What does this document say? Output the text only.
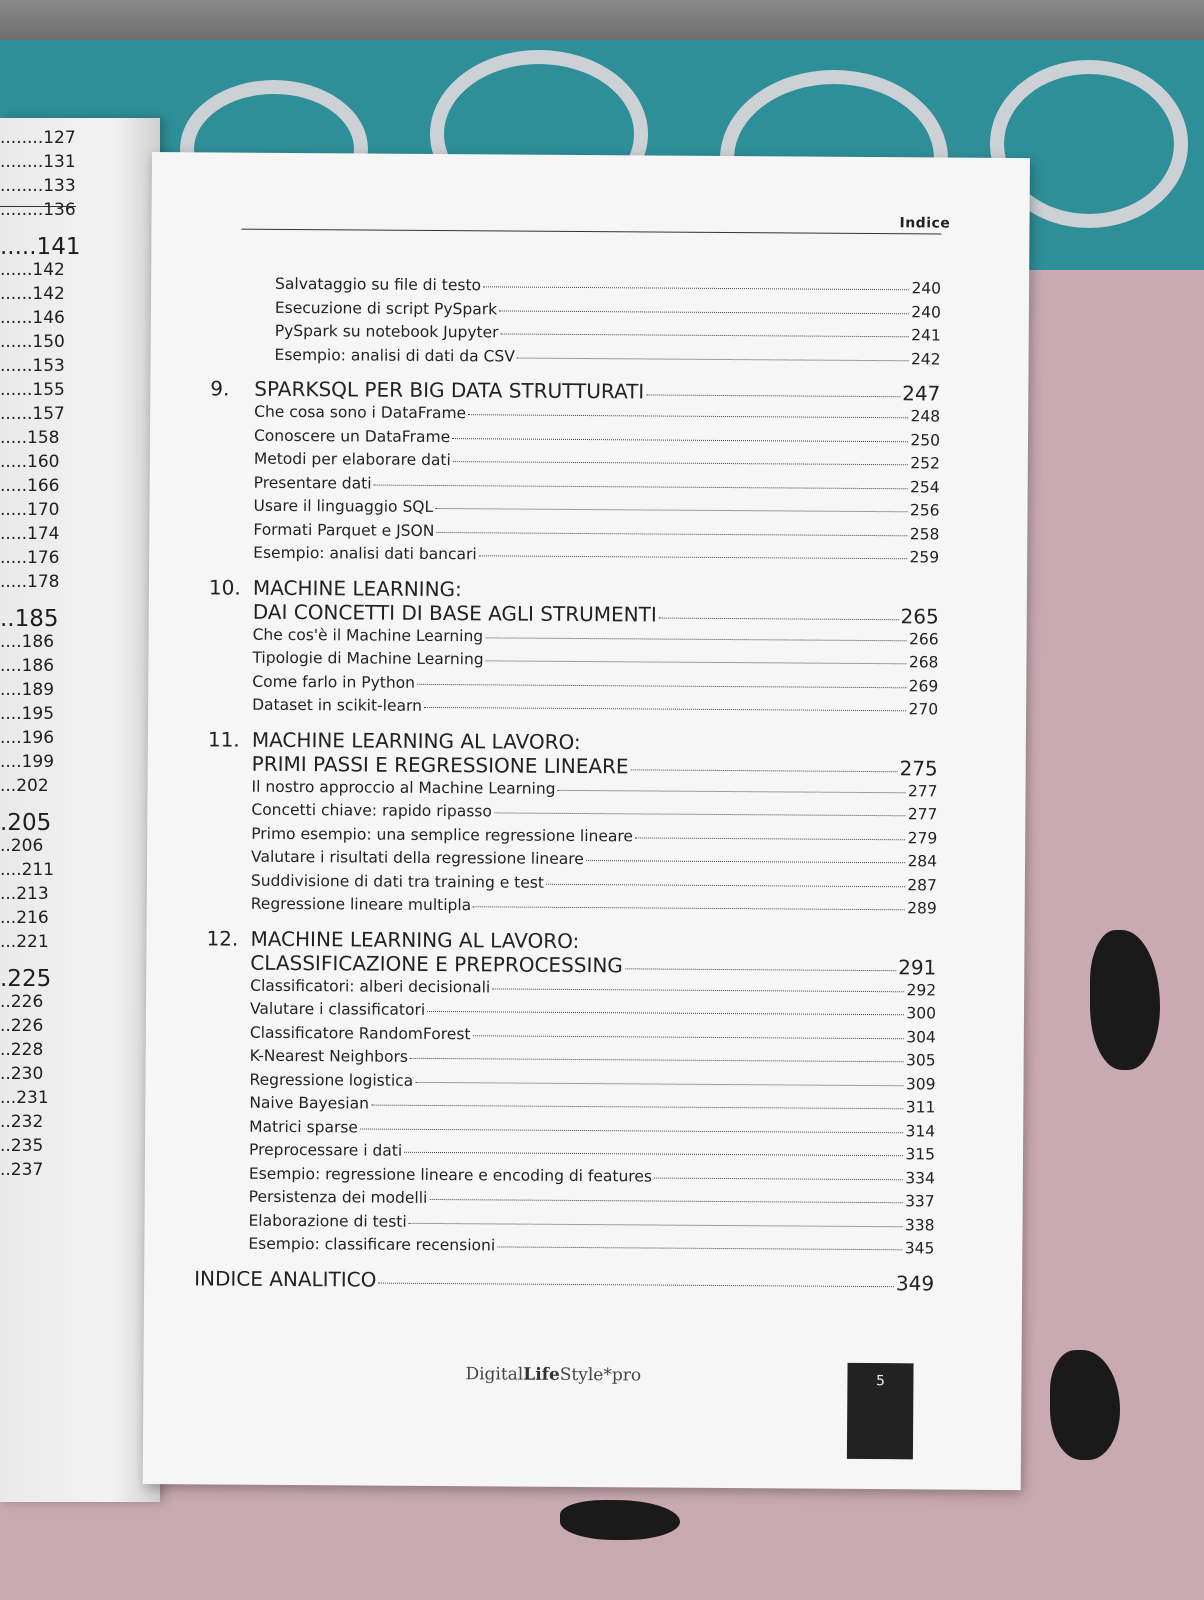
........127
........131
........133
........136
.....141
......142
......142
......146
......150
......153
......155
......157
.....158
.....160
.....166
.....170
.....174
.....176
.....178
..185
....186
....186
....189
....195
....196
....199
...202
.205
..206
....211
...213
...216
...221
.225
..226
..226
..228
..230
...231
..232
..235
..237
Indice
Salvataggio su file di testo	240
Esecuzione di script PySpark	240
PySpark su notebook Jupyter	241
Esempio: analisi di dati da CSV	242
9.	SPARKSQL PER BIG DATA STRUTTURATI	247
Che cosa sono i DataFrame	248
Conoscere un DataFrame	250
Metodi per elaborare dati	252
Presentare dati	254
Usare il linguaggio SQL	256
Formati Parquet e JSON	258
Esempio: analisi dati bancari	259
10. MACHINE LEARNING:
DAI CONCETTI DI BASE AGLI STRUMENTI	265
Che cos'è il Machine Learning	266
Tipologie di Machine Learning	268
Come farlo in Python	269
Dataset in scikit-learn	270
11. MACHINE LEARNING AL LAVORO:
PRIMI PASSI E REGRESSIONE LINEARE	275
Il nostro approccio al Machine Learning	277
Concetti chiave: rapido ripasso	277
Primo esempio: una semplice regressione lineare	279
Valutare i risultati della regressione lineare	284
Suddivisione di dati tra training e test	287
Regressione lineare multipla	289
12. MACHINE LEARNING AL LAVORO:
CLASSIFICAZIONE E PREPROCESSING	291
Classificatori: alberi decisionali	292
Valutare i classificatori	300
Classificatore RandomForest	304
K-Nearest Neighbors	305
Regressione logistica	309
Naive Bayesian	311
Matrici sparse	314
Preprocessare i dati	315
Esempio: regressione lineare e encoding di features	334
Persistenza dei modelli	337
Elaborazione di testi	338
Esempio: classificare recensioni	345
INDICE ANALITICO	349
DigitalLifeStyle*pro	5
